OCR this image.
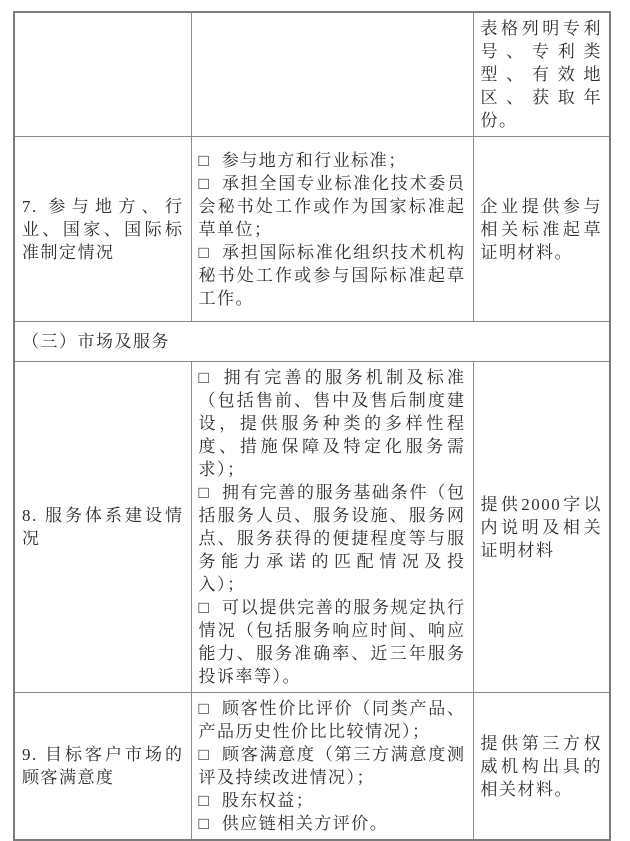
		表格列明专利号、专利类型、有效地区、获取年份。
7. 参与地方、行业、国家、国际标准制定情况	□ 参与地方和行业标准；

□ 承担全国专业标准化技术委员会秘书处工作或作为国家标准起草单位；

□ 承担国际标准化组织技术机构秘书处工作或参与国际标准起草工作。	企业提供参与相关标准起草证明材料。
（三）市场及服务		
8. 服务体系建设情况	□ 拥有完善的服务机制及标准（包括售前、售中及售后制度建设，提供服务种类的多样性程度、措施保障及特定化服务需求）；

□ 拥有完善的服务基础条件（包括服务人员、服务设施、服务网点、服务获得的便捷程度等与服务能力承诺的匹配情况及投入）；

□ 可以提供完善的服务规定执行情况（包括服务响应时间、响应能力、服务准确率、近三年服务投诉率等）。	提供2000字以内说明及相关证明材料
9. 目标客户市场的顾客满意度	□ 顾客性价比评价（同类产品、产品历史性价比比较情况）；

□ 顾客满意度（第三方满意度测评及持续改进情况）；

□ 股东权益；

□ 供应链相关方评价。	提供第三方权威机构出具的相关材料。
